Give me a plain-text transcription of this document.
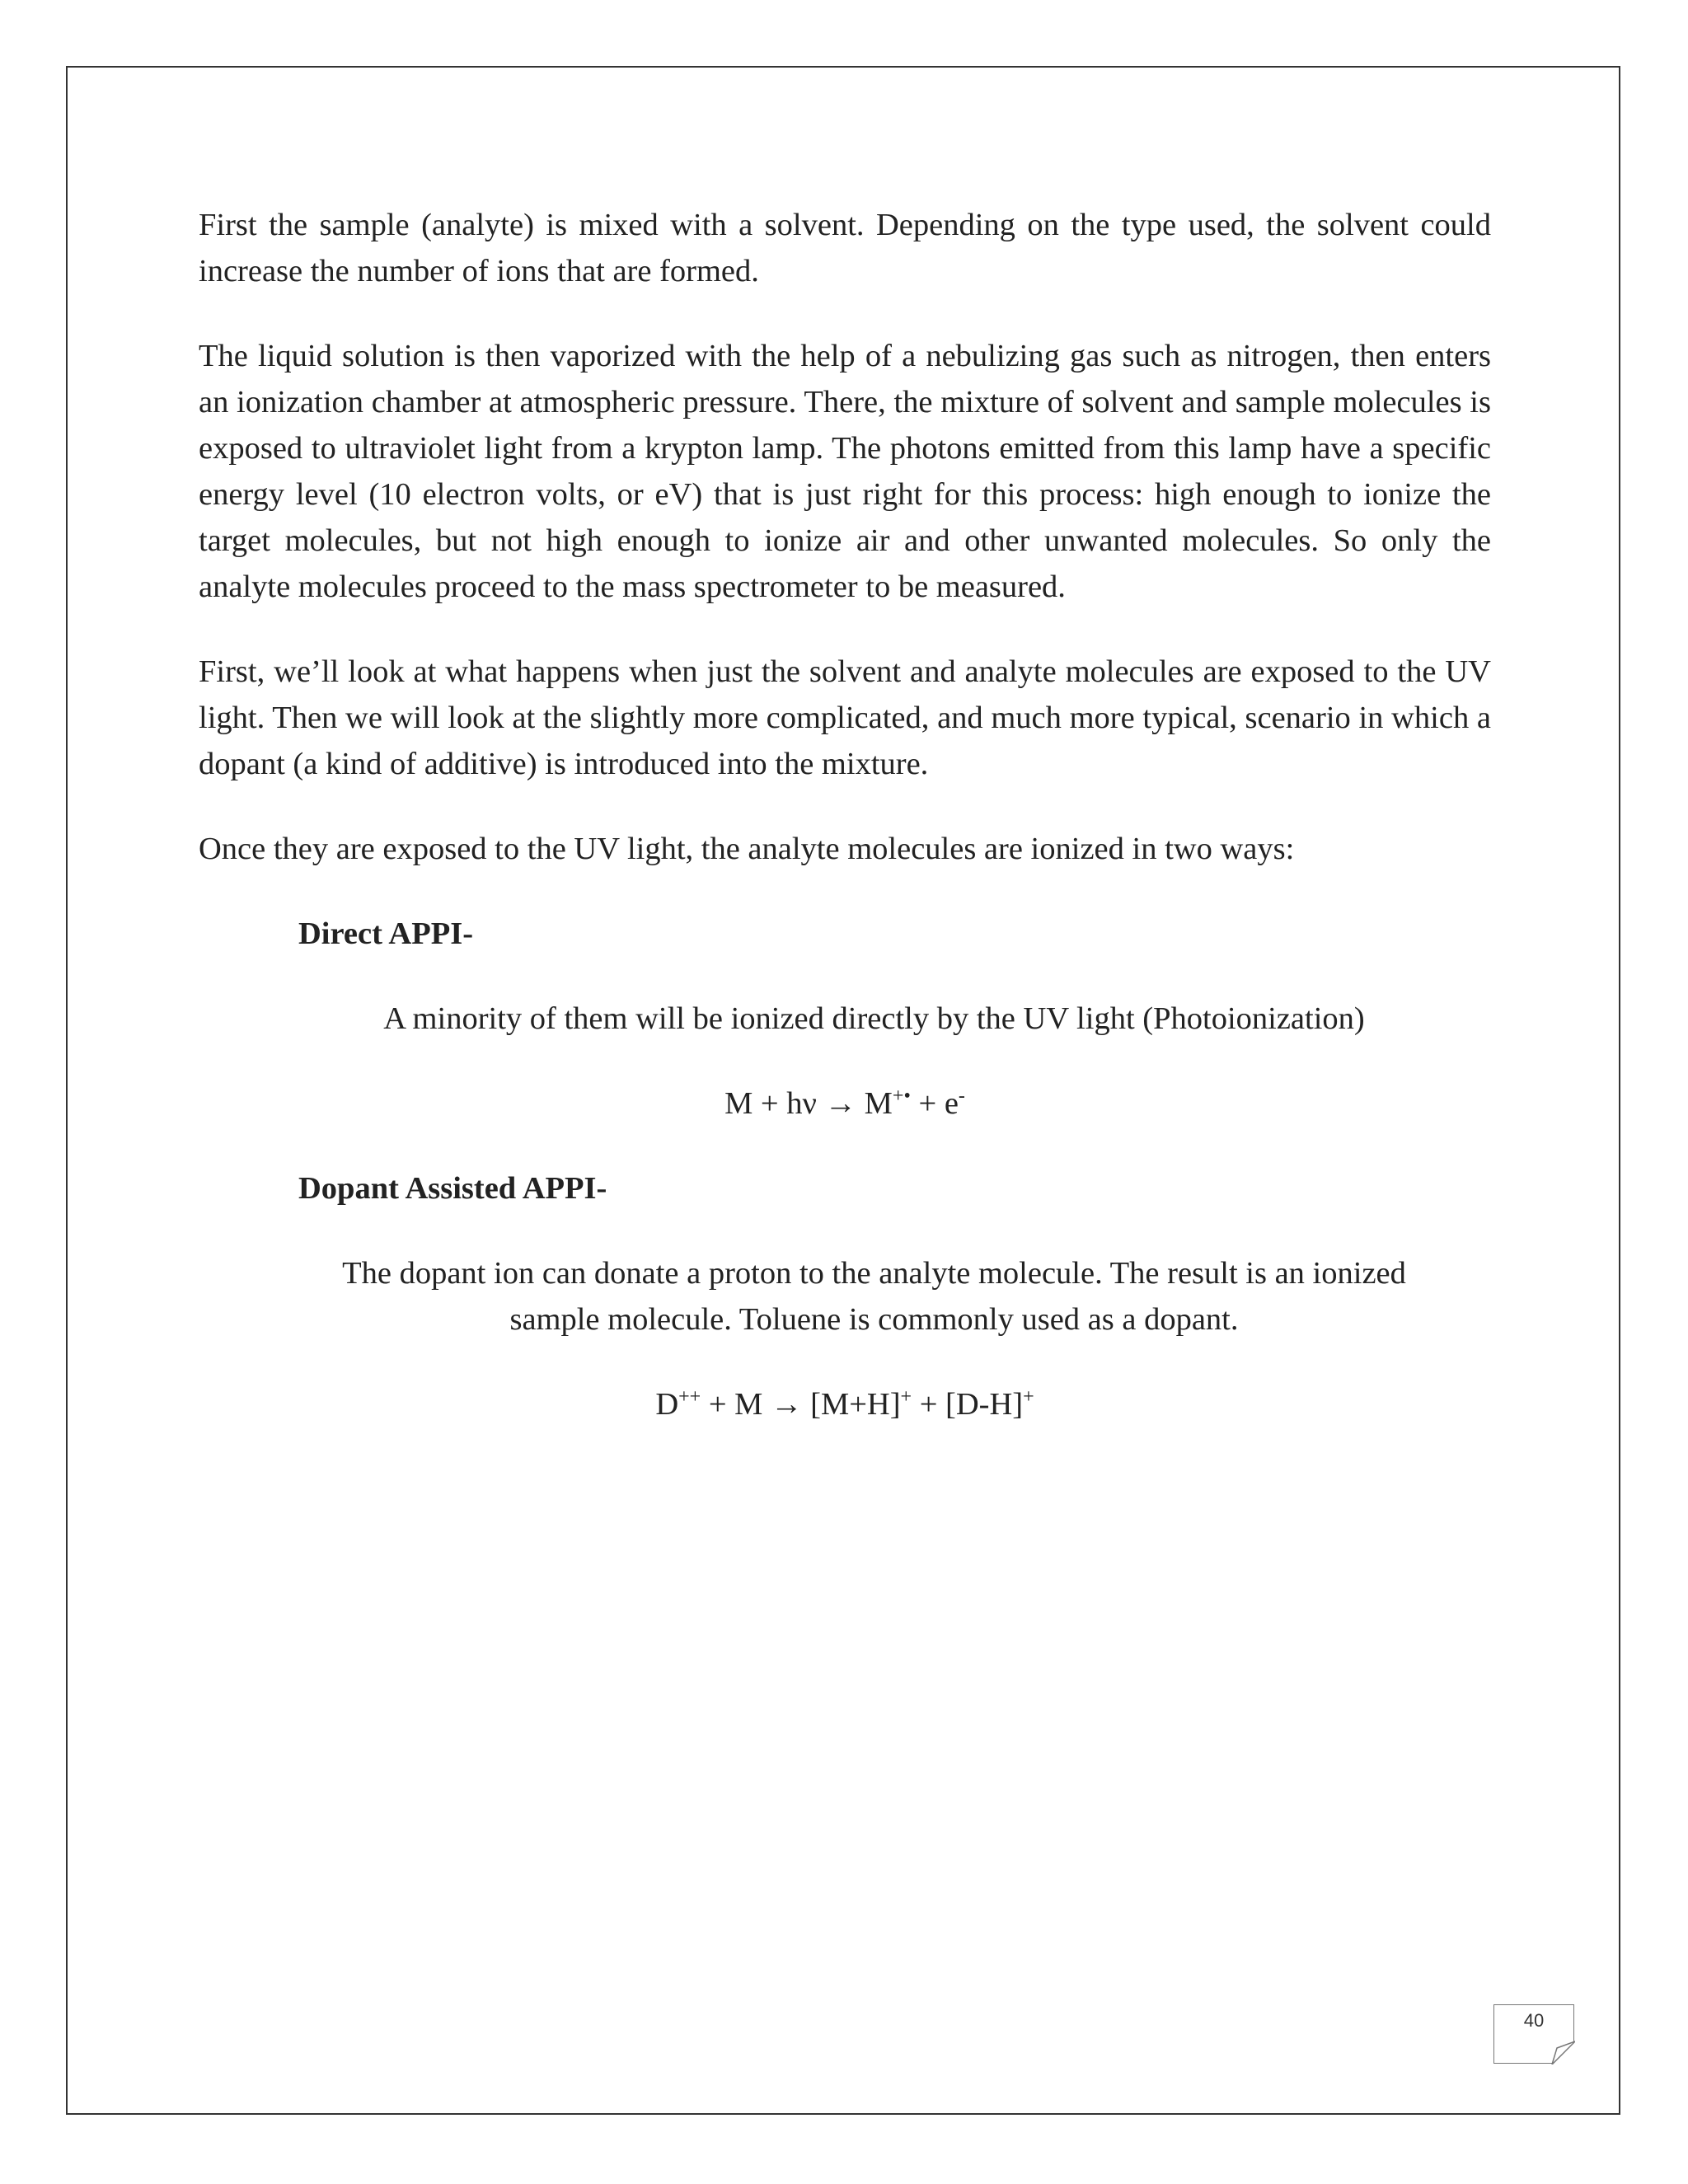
First the sample (analyte) is mixed with a solvent. Depending on the type used, the solvent could increase the number of ions that are formed.

The liquid solution is then vaporized with the help of a nebulizing gas such as nitrogen, then enters an ionization chamber at atmospheric pressure. There, the mixture of solvent and sample molecules is exposed to ultraviolet light from a krypton lamp. The photons emitted from this lamp have a specific energy level (10 electron volts, or eV) that is just right for this process: high enough to ionize the target molecules, but not high enough to ionize air and other unwanted molecules. So only the analyte molecules proceed to the mass spectrometer to be measured.

First, we’ll look at what happens when just the solvent and analyte molecules are exposed to the UV light. Then we will look at the slightly more complicated, and much more typical, scenario in which a dopant (a kind of additive) is introduced into the mixture.

Once they are exposed to the UV light, the analyte molecules are ionized in two ways:

Direct APPI-
A minority of them will be ionized directly by the UV light (Photoionization)
M + hν → M+• + e-
Dopant Assisted APPI-
The dopant ion can donate a proton to the analyte molecule. The result is an ionized sample molecule. Toluene is commonly used as a dopant.
D++ + M → [M+H]+ + [D-H]+
40
